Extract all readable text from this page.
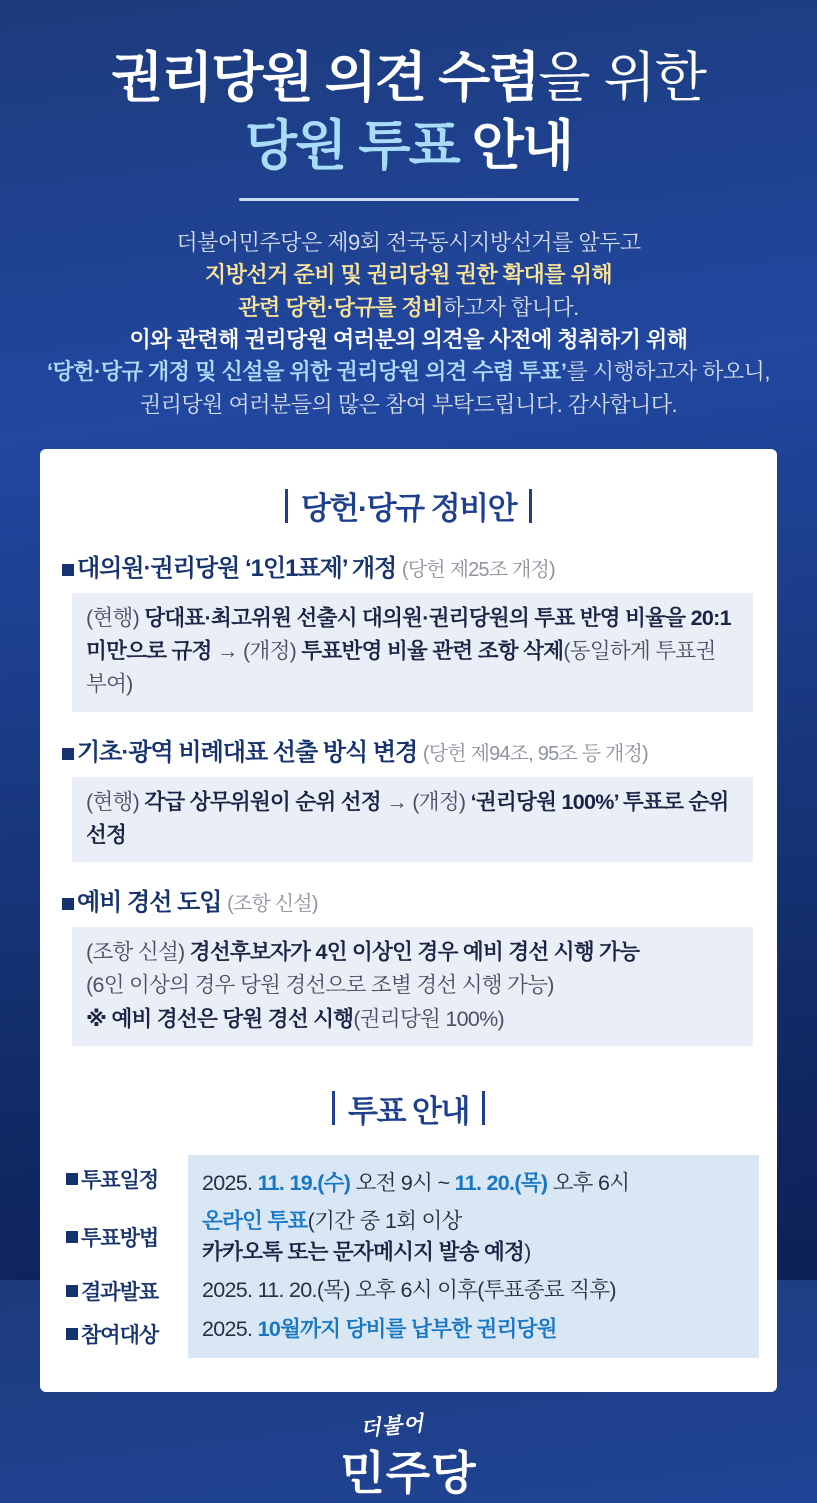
권리당원 의견 수렴을 위한
당원 투표 안내
더불어민주당은 제9회 전국동시지방선거를 앞두고
지방선거 준비 및 권리당원 권한 확대를 위해
관련 당헌·당규를 정비하고자 합니다.
이와 관련해 권리당원 여러분의 의견을 사전에 청취하기 위해
‘당헌·당규 개정 및 신설을 위한 권리당원 의견 수렴 투표’를 시행하고자 하오니,
권리당원 여러분들의 많은 참여 부탁드립니다. 감사합니다.
당헌·당규 정비안
대의원·권리당원 ‘1인1표제’ 개정 (당헌 제25조 개정)
(현행) 당대표·최고위원 선출시 대의원·권리당원의 투표 반영 비율을 20:1 미만으로 규정 → (개정) 투표반영 비율 관련 조항 삭제(동일하게 투표권 부여)
기초·광역 비례대표 선출 방식 변경 (당헌 제94조, 95조 등 개정)
(현행) 각급 상무위원이 순위 선정 → (개정) ‘권리당원 100%’ 투표로 순위 선정
예비 경선 도입 (조항 신설)
(조항 신설) 경선후보자가 4인 이상인 경우 예비 경선 시행 가능
(6인 이상의 경우 당원 경선으로 조별 경선 시행 가능)
※ 예비 경선은 당원 경선 시행(권리당원 100%)
투표 안내
투표일정 2025. 11. 19.(수) 오전 9시 ~ 11. 20.(목) 오후 6시
투표방법
온라인 투표 (기간 중 1회 이상
카카오톡 또는 문자메시지 발송 예정 )
결과발표 2025. 11. 20.(목) 오후 6시 이후 (투표종료 직후)
참여대상 2025. 10월까지 당비를 납부한 권리당원
더불어
민주당
